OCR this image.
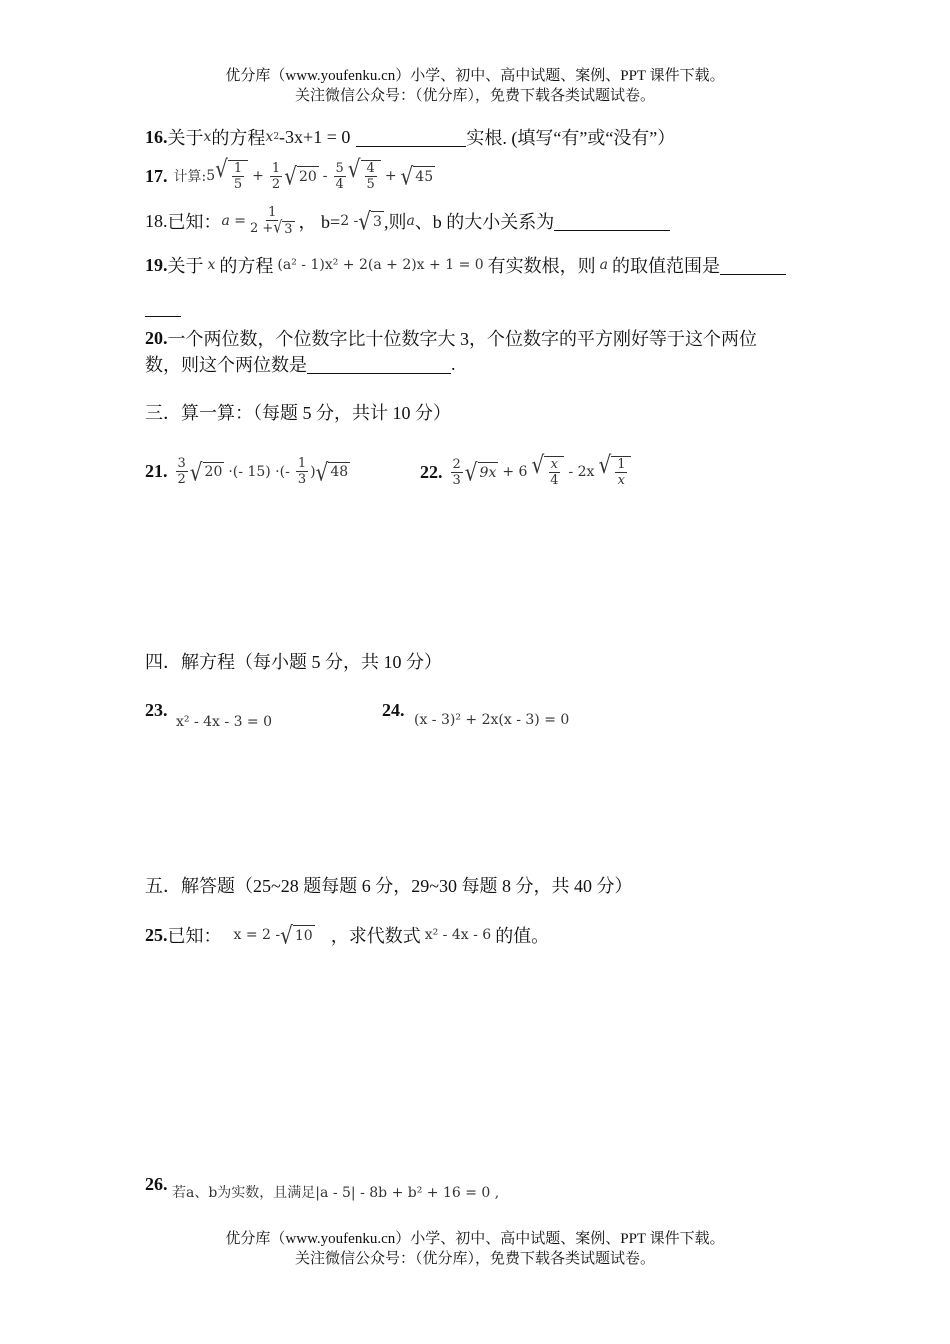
优分库（www.youfenku.cn）小学、初中、高中试题、案例、PPT 课件下载。
关注微信公众号：（优分库），免费下载各类试题试卷。
16. 关于 x 的方程 x 2 -3x+1 = 0	实根. (填写“有”或“没有”）
17. 计算: 5 √ $\frac{1}{5} + \frac{1}{2}$ √ $20 - \frac{5}{4}$ √ $\frac{4}{5}$ + √ 45
18. 已知： $a = \frac{1}{2 + √ 3}$ ， b= 2 - √ 3 ,则 a 、b 的大小关系为
19. 关于 x 的方程 (a² - 1)x² + 2(a + 2)x + 1 = 0 有实数根，则 a 的取值范围是
20. 一个两位数，个位数字比十位数字大 3，个位数字的平方刚好等于这个两位
数，则这个两位数是	.
三．算一算：（每题 5 分，共计 10 分）
21. $\frac{3}{2}$ √ 20 ·(- 15) ·(- $\frac{1}{3}$ ) √ 48	22. $\frac{2}{3}$ √ 9x + 6 √ $\frac{x}{4} - 2x$ √ $\frac{1}{x}$
四．解方程（每小题 5 分，共 10 分）
23.
x² - 4x - 3 = 0
24. (x - 3)² + 2x(x - 3) = 0
五．解答题（25~28 题每题 6 分，29~30 每题 8 分，共 40 分）
25. 已知： x = 2 - √ 10 ，求代数式 x² - 4x - 6 的值。
26. 若a、b为实数，且满足|a - 5| - 8b + b² + 16 = 0 ,
优分库（www.youfenku.cn）小学、初中、高中试题、案例、PPT 课件下载。
关注微信公众号：（优分库），免费下载各类试题试卷。
